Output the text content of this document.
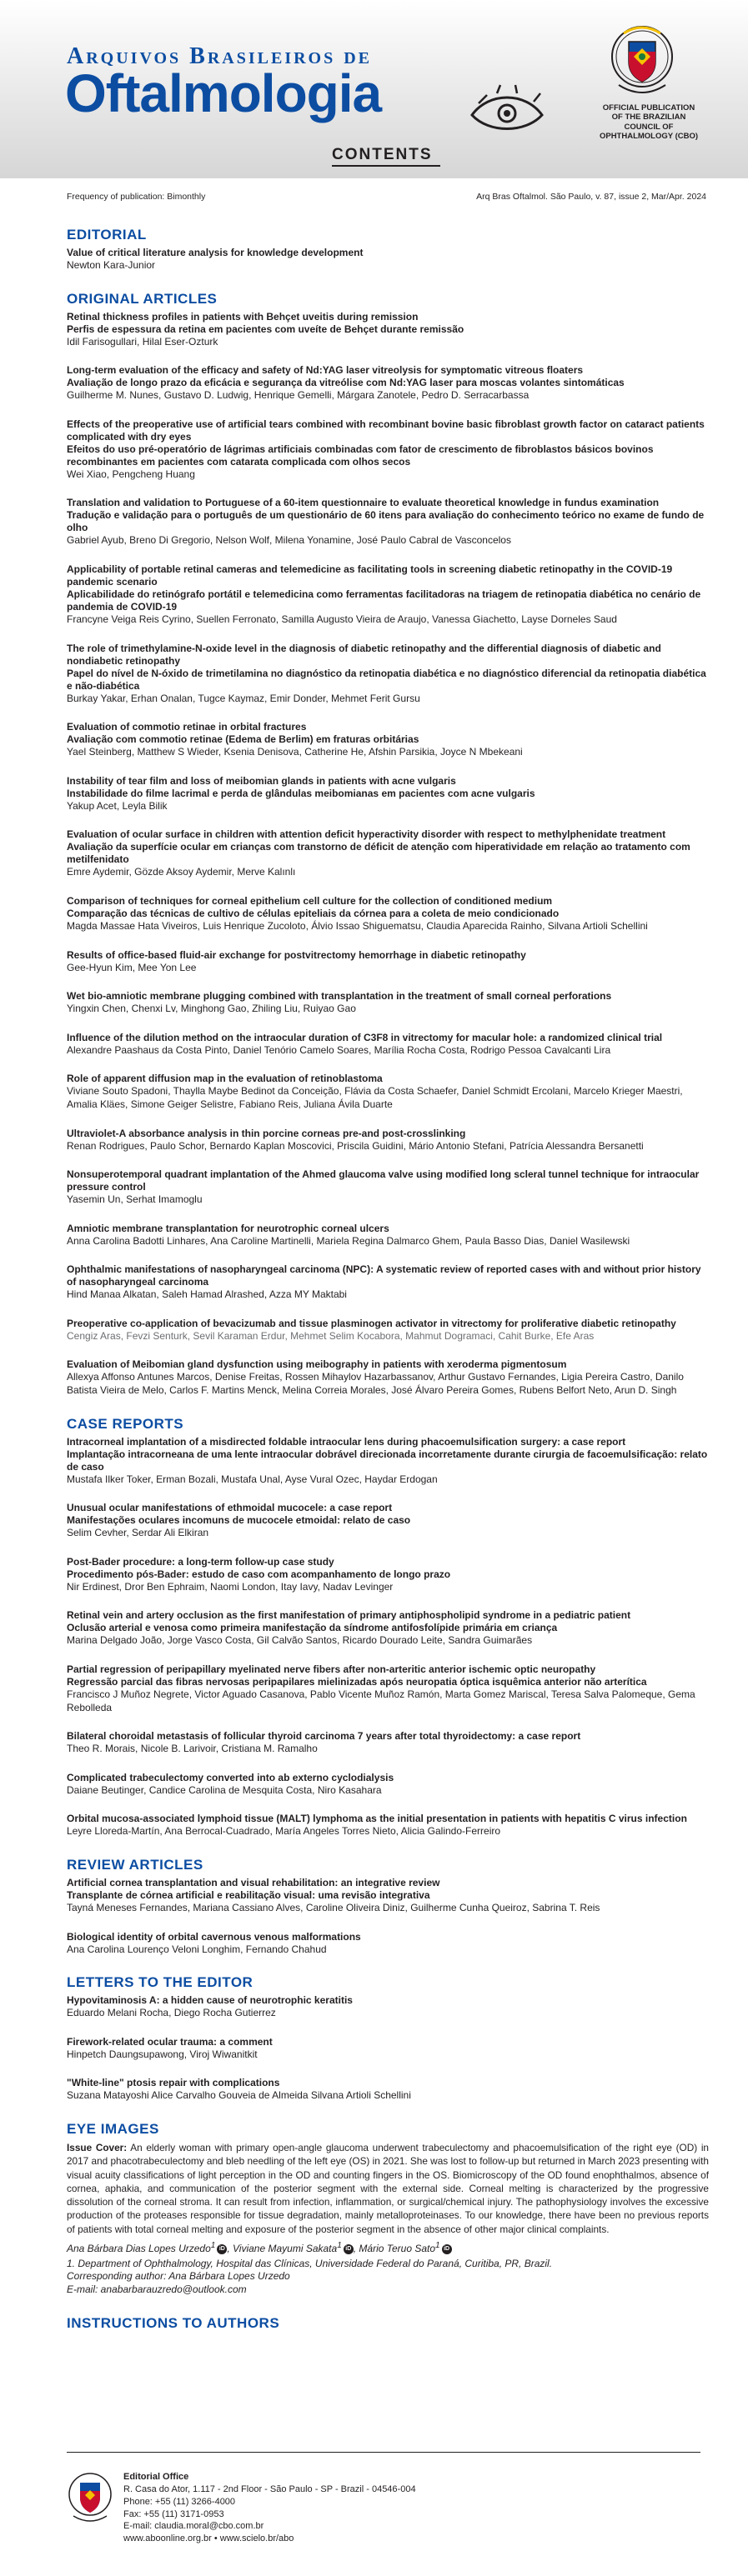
Arquivos Brasileiros de
Oftalmologia
CONTENTS
OFFICIAL PUBLICATION OF THE BRAZILIAN COUNCIL OF OPHTHALMOLOGY (CBO)
Frequency of publication: Bimonthly	Arq Bras Oftalmol. São Paulo, v. 87, issue 2, Mar/Apr. 2024
EDITORIAL
Value of critical literature analysis for knowledge development
Newton Kara-Junior
ORIGINAL ARTICLES
Retinal thickness profiles in patients with Behçet uveitis during remission
Perfis de espessura da retina em pacientes com uveíte de Behçet durante remissão
Idil Farisogullari, Hilal Eser-Ozturk
Long-term evaluation of the efficacy and safety of Nd:YAG laser vitreolysis for symptomatic vitreous floaters
Avaliação de longo prazo da eficácia e segurança da vitreólise com Nd:YAG laser para moscas volantes sintomáticas
Guilherme M. Nunes, Gustavo D. Ludwig, Henrique Gemelli, Márgara Zanotele, Pedro D. Serracarbassa
Effects of the preoperative use of artificial tears combined with recombinant bovine basic fibroblast growth factor on cataract patients complicated with dry eyes
Efeitos do uso pré-operatório de lágrimas artificiais combinadas com fator de crescimento de fibroblastos básicos bovinos recombinantes em pacientes com catarata complicada com olhos secos
Wei Xiao, Pengcheng Huang
Translation and validation to Portuguese of a 60-item questionnaire to evaluate theoretical knowledge in fundus examination
Tradução e validação para o português de um questionário de 60 itens para avaliação do conhecimento teórico no exame de fundo de olho
Gabriel Ayub, Breno Di Gregorio, Nelson Wolf, Milena Yonamine, José Paulo Cabral de Vasconcelos
Applicability of portable retinal cameras and telemedicine as facilitating tools in screening diabetic retinopathy in the COVID-19 pandemic scenario
Aplicabilidade do retinógrafo portátil e telemedicina como ferramentas facilitadoras na triagem de retinopatia diabética no cenário de pandemia de COVID-19
Francyne Veiga Reis Cyrino, Suellen Ferronato, Samilla Augusto Vieira de Araujo, Vanessa Giachetto, Layse Dorneles Saud
The role of trimethylamine-N-oxide level in the diagnosis of diabetic retinopathy and the differential diagnosis of diabetic and nondiabetic retinopathy
Papel do nível de N-óxido de trimetilamina no diagnóstico da retinopatia diabética e no diagnóstico diferencial da retinopatia diabética e não-diabética
Burkay Yakar, Erhan Onalan, Tugce Kaymaz, Emir Donder, Mehmet Ferit Gursu
Evaluation of commotio retinae in orbital fractures
Avaliação com commotio retinae (Edema de Berlim) em fraturas orbitárias
Yael Steinberg, Matthew S Wieder, Ksenia Denisova, Catherine He, Afshin Parsikia, Joyce N Mbekeani
Instability of tear film and loss of meibomian glands in patients with acne vulgaris
Instabilidade do filme lacrimal e perda de glândulas meibomianas em pacientes com acne vulgaris
Yakup Acet, Leyla Bilik
Evaluation of ocular surface in children with attention deficit hyperactivity disorder with respect to methylphenidate treatment
Avaliação da superfície ocular em crianças com transtorno de déficit de atenção com hiperatividade em relação ao tratamento com metilfenidato
Emre Aydemir, Gözde Aksoy Aydemir, Merve Kalınlı
Comparison of techniques for corneal epithelium cell culture for the collection of conditioned medium
Comparação das técnicas de cultivo de células epiteliais da córnea para a coleta de meio condicionado
Magda Massae Hata Viveiros, Luis Henrique Zucoloto, Álvio Issao Shiguematsu, Claudia Aparecida Rainho, Silvana Artioli Schellini
Results of office-based fluid-air exchange for postvitrectomy hemorrhage in diabetic retinopathy
Gee-Hyun Kim, Mee Yon Lee
Wet bio-amniotic membrane plugging combined with transplantation in the treatment of small corneal perforations
Yingxin Chen, Chenxi Lv, Minghong Gao, Zhiling Liu, Ruiyao Gao
Influence of the dilution method on the intraocular duration of C3F8 in vitrectomy for macular hole: a randomized clinical trial
Alexandre Paashaus da Costa Pinto, Daniel Tenório Camelo Soares, Marília Rocha Costa, Rodrigo Pessoa Cavalcanti Lira
Role of apparent diffusion map in the evaluation of retinoblastoma
Viviane Souto Spadoni, Thaylla Maybe Bedinot da Conceição, Flávia da Costa Schaefer, Daniel Schmidt Ercolani, Marcelo Krieger Maestri, Amalia Kläes, Simone Geiger Selistre, Fabiano Reis, Juliana Ávila Duarte
Ultraviolet-A absorbance analysis in thin porcine corneas pre-and post-crosslinking
Renan Rodrigues, Paulo Schor, Bernardo Kaplan Moscovici, Priscila Guidini, Mário Antonio Stefani, Patrícia Alessandra Bersanetti
Nonsuperotemporal quadrant implantation of the Ahmed glaucoma valve using modified long scleral tunnel technique for intraocular pressure control
Yasemin Un, Serhat Imamoglu
Amniotic membrane transplantation for neurotrophic corneal ulcers
Anna Carolina Badotti Linhares, Ana Caroline Martinelli, Mariela Regina Dalmarco Ghem, Paula Basso Dias, Daniel Wasilewski
Ophthalmic manifestations of nasopharyngeal carcinoma (NPC): A systematic review of reported cases with and without prior history of nasopharyngeal carcinoma
Hind Manaa Alkatan, Saleh Hamad Alrashed, Azza MY Maktabi
Preoperative co-application of bevacizumab and tissue plasminogen activator in vitrectomy for proliferative diabetic retinopathy
Cengiz Aras, Fevzi Senturk, Sevil Karaman Erdur, Mehmet Selim Kocabora, Mahmut Dogramaci, Cahit Burke, Efe Aras
Evaluation of Meibomian gland dysfunction using meibography in patients with xeroderma pigmentosum
Allexya Affonso Antunes Marcos, Denise Freitas, Rossen Mihaylov Hazarbassanov, Arthur Gustavo Fernandes, Ligia Pereira Castro, Danilo Batista Vieira de Melo, Carlos F. Martins Menck, Melina Correia Morales, José Álvaro Pereira Gomes, Rubens Belfort Neto, Arun D. Singh
CASE REPORTS
Intracorneal implantation of a misdirected foldable intraocular lens during phacoemulsification surgery: a case report
Implantação intracorneana de uma lente intraocular dobrável direcionada incorretamente durante cirurgia de facoemulsificação: relato de caso
Mustafa Ilker Toker, Erman Bozali, Mustafa Unal, Ayse Vural Ozec, Haydar Erdogan
Unusual ocular manifestations of ethmoidal mucocele: a case report
Manifestações oculares incomuns de mucocele etmoidal: relato de caso
Selim Cevher, Serdar Ali Elkiran
Post-Bader procedure: a long-term follow-up case study
Procedimento pós-Bader: estudo de caso com acompanhamento de longo prazo
Nir Erdinest, Dror Ben Ephraim, Naomi London, Itay Iavy, Nadav Levinger
Retinal vein and artery occlusion as the first manifestation of primary antiphospholipid syndrome in a pediatric patient
Oclusão arterial e venosa como primeira manifestação da síndrome antifosfolípide primária em criança
Marina Delgado João, Jorge Vasco Costa, Gil Calvão Santos, Ricardo Dourado Leite, Sandra Guimarães
Partial regression of peripapillary myelinated nerve fibers after non-arteritic anterior ischemic optic neuropathy
Regressão parcial das fibras nervosas peripapilares mielinizadas após neuropatia óptica isquêmica anterior não arterítica
Francisco J Muñoz Negrete, Victor Aguado Casanova, Pablo Vicente Muñoz Ramón, Marta Gomez Mariscal, Teresa Salva Palomeque, Gema Rebolleda
Bilateral choroidal metastasis of follicular thyroid carcinoma 7 years after total thyroidectomy: a case report
Theo R. Morais, Nicole B. Larivoir, Cristiana M. Ramalho
Complicated trabeculectomy converted into ab externo cyclodialysis
Daiane Beutinger, Candice Carolina de Mesquita Costa, Niro Kasahara
Orbital mucosa-associated lymphoid tissue (MALT) lymphoma as the initial presentation in patients with hepatitis C virus infection
Leyre Lloreda-Martín, Ana Berrocal-Cuadrado, María Angeles Torres Nieto, Alicia Galindo-Ferreiro
REVIEW ARTICLES
Artificial cornea transplantation and visual rehabilitation: an integrative review
Transplante de córnea artificial e reabilitação visual: uma revisão integrativa
Tayná Meneses Fernandes, Mariana Cassiano Alves, Caroline Oliveira Diniz, Guilherme Cunha Queiroz, Sabrina T. Reis
Biological identity of orbital cavernous venous malformations
Ana Carolina Lourenço Veloni Longhim, Fernando Chahud
LETTERS TO THE EDITOR
Hypovitaminosis A: a hidden cause of neurotrophic keratitis
Eduardo Melani Rocha, Diego Rocha Gutierrez
Firework-related ocular trauma: a comment
Hinpetch Daungsupawong, Viroj Wiwanitkit
"White-line" ptosis repair with complications
Suzana Matayoshi Alice Carvalho Gouveia de Almeida Silvana Artioli Schellini
EYE IMAGES

Issue Cover: An elderly woman with primary open-angle glaucoma underwent trabeculectomy and phacoemulsification of the right eye (OD) in 2017 and phacotrabeculectomy and bleb needling of the left eye (OS) in 2021. She was lost to follow-up but returned in March 2023 presenting with visual acuity classifications of light perception in the OD and counting fingers in the OS. Biomicroscopy of the OD found enophthalmos, absence of cornea, aphakia, and communication of the posterior segment with the external side. Corneal melting is characterized by the progressive dissolution of the corneal stroma. It can result from infection, inflammation, or surgical/chemical injury. The pathophysiology involves the excessive production of the proteases responsible for tissue degradation, mainly metalloproteinases. To our knowledge, there have been no previous reports of patients with total corneal melting and exposure of the posterior segment in the absence of other major clinical complaints.

Ana Bárbara Dias Lopes Urzedo$^1$ iD , Viviane Mayumi Sakata$^1$ iD , Mário Teruo Sato$^1$ iD
1. Department of Ophthalmology, Hospital das Clínicas, Universidade Federal do Paraná, Curitiba, PR, Brazil.
Corresponding author: Ana Bárbara Lopes Urzedo
E-mail: anabarbarauzredo@outlook.com
INSTRUCTIONS TO AUTHORS
Editorial Office
R. Casa do Ator, 1.117 - 2nd Floor - São Paulo - SP - Brazil - 04546-004
Phone: +55 (11) 3266-4000
Fax: +55 (11) 3171-0953
E-mail: claudia.moral@cbo.com.br
www.aboonline.org.br • www.scielo.br/abo
